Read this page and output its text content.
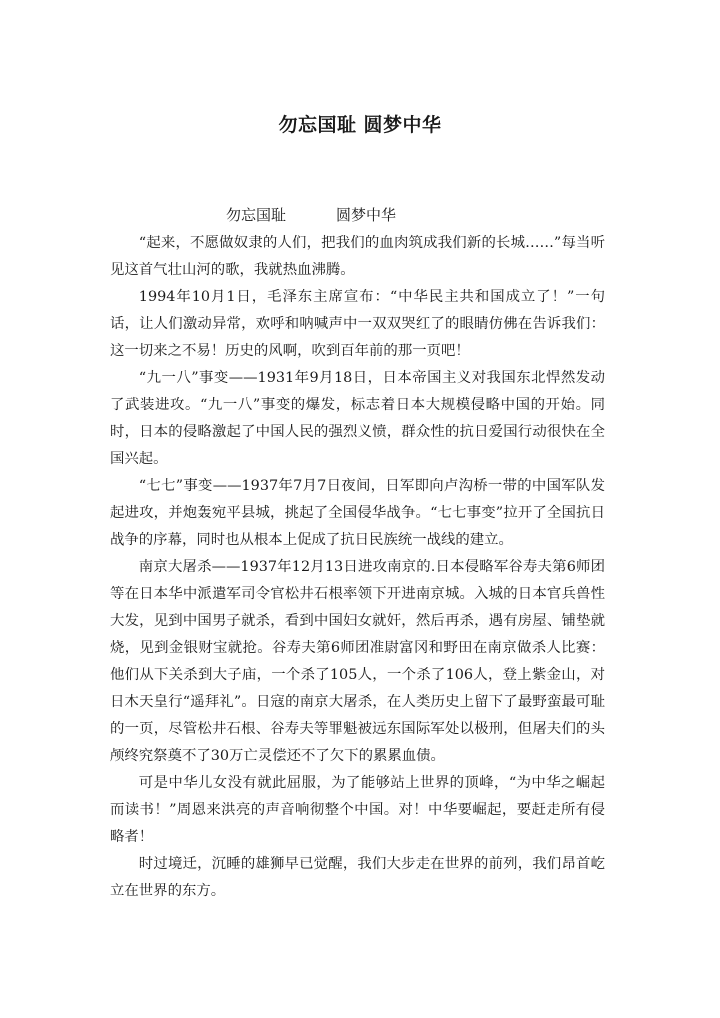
勿忘国耻 圆梦中华
勿忘国耻	圆梦中华

“起来，不愿做奴隶的人们，把我们的血肉筑成我们新的长城……”每当听见这首气壮山河的歌，我就热血沸腾。

1994年10月1日，毛泽东主席宣布：“中华民主共和国成立了！”一句话，让人们激动异常，欢呼和呐喊声中一双双哭红了的眼睛仿佛在告诉我们：这一切来之不易！历史的风啊，吹到百年前的那一页吧！

“九一八”事变——1931年9月18日，日本帝国主义对我国东北悍然发动了武装进攻。“九一八”事变的爆发，标志着日本大规模侵略中国的开始。同时，日本的侵略激起了中国人民的强烈义愤，群众性的抗日爱国行动很快在全国兴起。

“七七”事变——1937年7月7日夜间，日军即向卢沟桥一带的中国军队发起进攻，并炮轰宛平县城，挑起了全国侵华战争。“七七事变”拉开了全国抗日战争的序幕，同时也从根本上促成了抗日民族统一战线的建立。

南京大屠杀——1937年12月13日进攻南京的.日本侵略军谷寿夫第6师团等在日本华中派遣军司令官松井石根率领下开进南京城。入城的日本官兵兽性大发，见到中国男子就杀，看到中国妇女就奸，然后再杀，遇有房屋、铺垫就烧，见到金银财宝就抢。谷寿夫第6师团准尉富冈和野田在南京做杀人比赛：他们从下关杀到大子庙，一个杀了105人，一个杀了106人，登上紫金山，对日木天皇行“遥拜礼”。日寇的南京大屠杀，在人类历史上留下了最野蛮最可耻的一页，尽管松井石根、谷寿夫等罪魁被远东国际军处以极刑，但屠夫们的头颅终究祭奠不了30万亡灵偿还不了欠下的累累血债。

可是中华儿女没有就此屈服，为了能够站上世界的顶峰，“为中华之崛起而读书！”周恩来洪亮的声音响彻整个中国。对！中华要崛起，要赶走所有侵略者！

时过境迁，沉睡的雄狮早已觉醒，我们大步走在世界的前列，我们昂首屹立在世界的东方。
